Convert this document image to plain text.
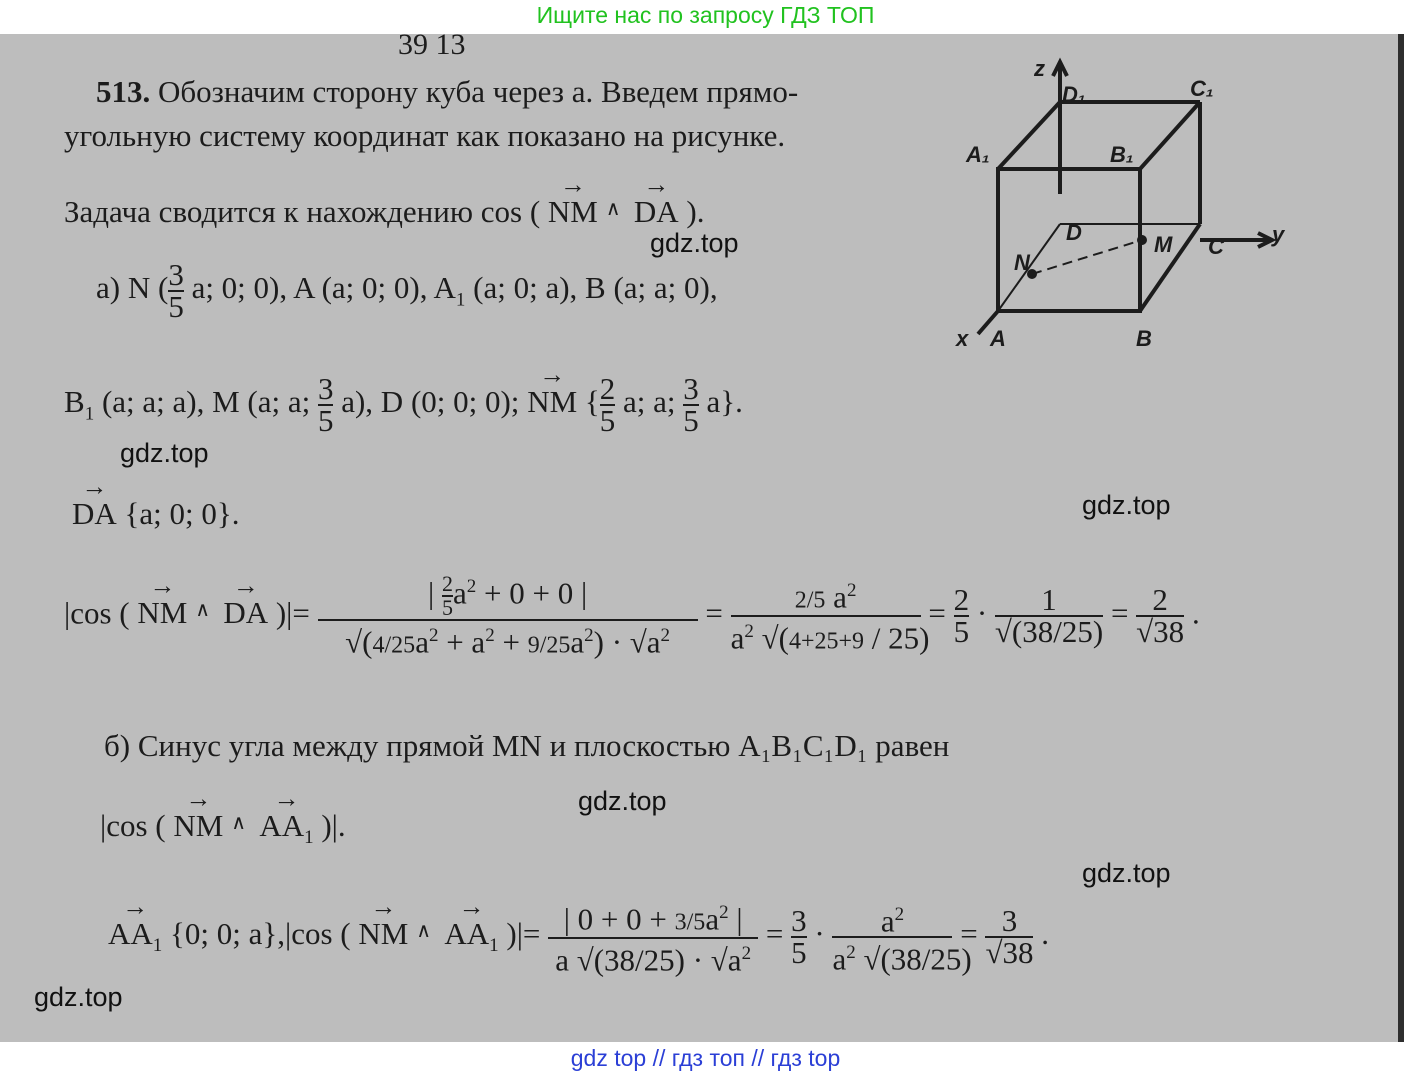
Ищите нас по запросу ГДЗ ТОП
39 13
513. Обозначим сторону куба через a. Введем прямо-
угольную систему координат как показано на рисунке.
Задача сводится к нахождению cos ( → NM→ DA ).
а) N ( $\frac{3}{5} a$; 0; 0), A (a; 0; 0), $A_1$ (a; 0; a), B (a; a; 0),
$B_1$ (a; a; a), M (a; a; $\frac{3}{5} a$), D (0; 0; 0); → NM { $\frac{2}{5} a$; a; $\frac{3}{5} a$}.
→ DA {a; 0; 0}.
|cos ( → NM→ DA )|= $\frac{| \frac{2}{5} a^2 + 0 + 0 |}{√(4/25a^2 + a^2 + 9/25a^2) \cdot √a^2} = \frac{2/5 a^2}{a^2 √(4+25+9 / 25)} = \frac{2}{5} \cdot \frac{1}{√(38/25)} = \frac{2}{√38}$ .
б) Синус угла между прямой MN и плоскостью A₁B₁C₁D₁ равен
|cos ( → $NM\to AA_1$ )|.
→ $AA_1$ {0; 0; a},|cos ( → $NM\to AA_1$ )|= $\frac{| 0 + 0 + 3/5a^2 |}{a √(38/25) \cdot √a^2} = \frac{3}{5} \cdot \frac{a^2}{a^2 √(38/25)} = \frac{3}{√38}$ .
z
D₁	C₁
A₁	B₁
D	M C y
N
x A	B
gdz.top
gdz.top
gdz.top
gdz.top
gdz.top
gdz.top
gdz top // гдз топ // гдз top
